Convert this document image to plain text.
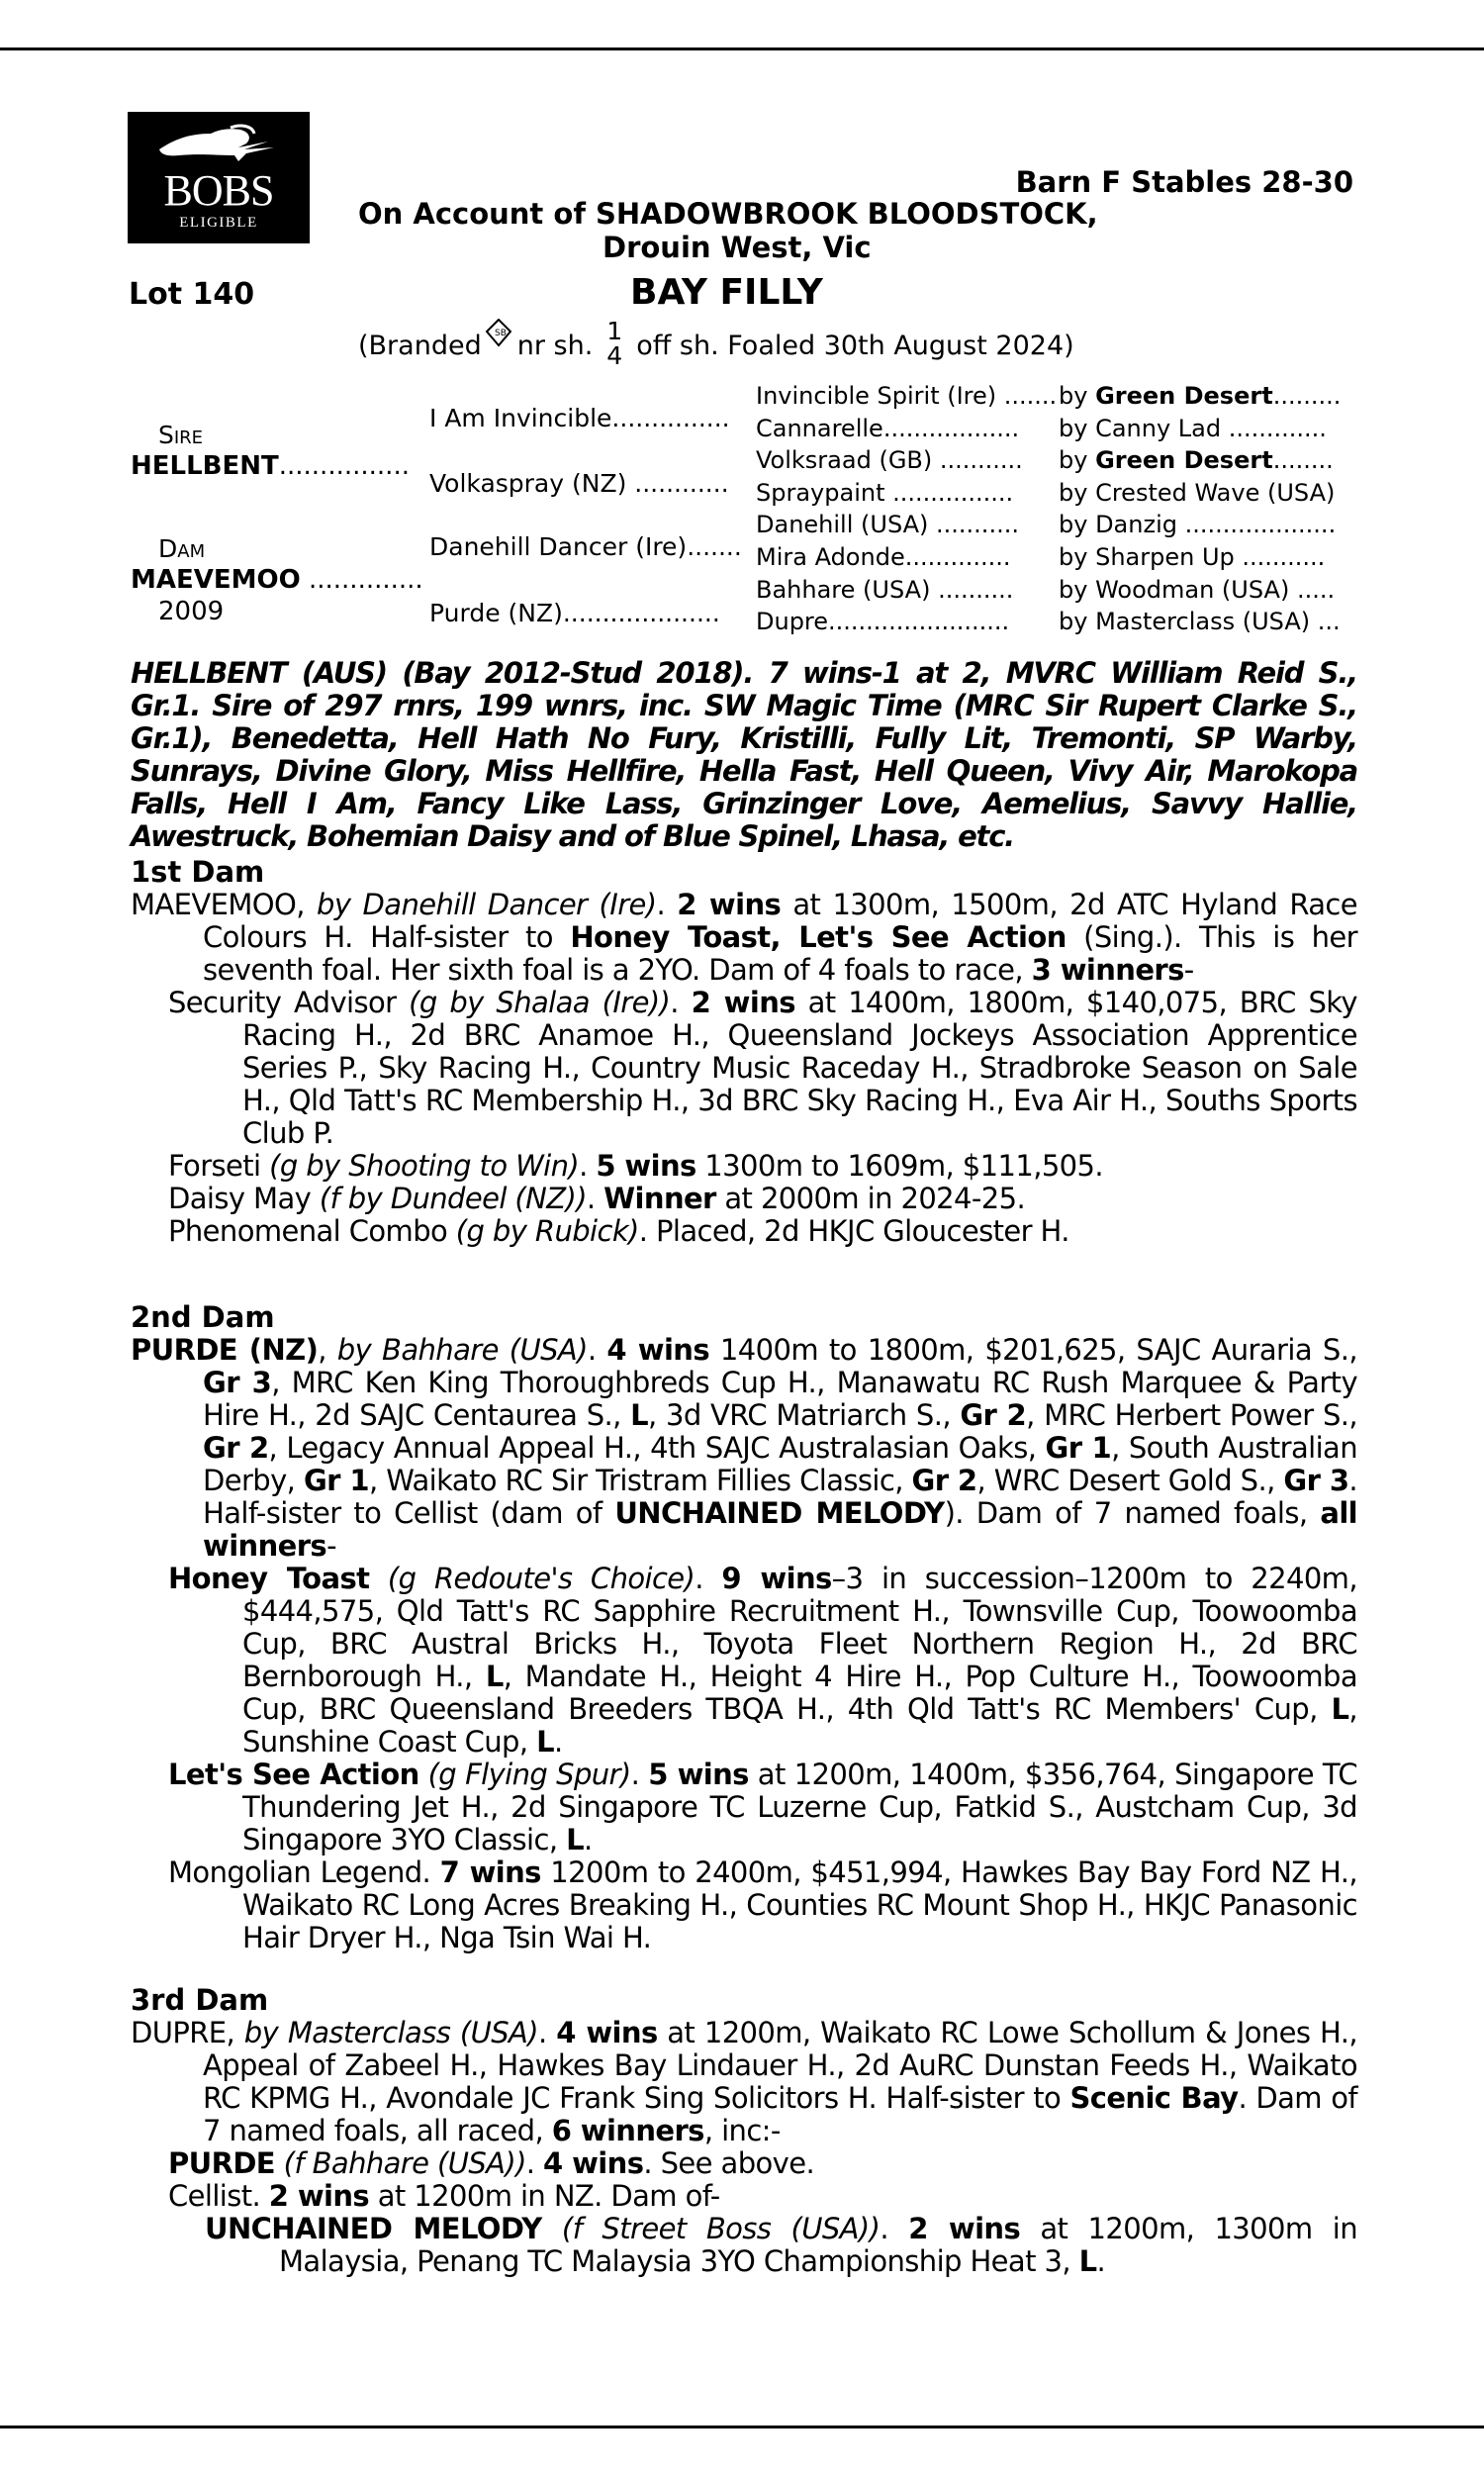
BOBS
ELIGIBLE
Barn F Stables 28-30
On Account of SHADOWBROOK BLOODSTOCK,
Drouin West, Vic
Lot 140	BAY FILLY
(Branded SB nr sh. 1
4 off sh. Foaled 30th August 2024)
Sire
HELLBENT................
Dam
MAEVEMOO ..............
2009
I Am Invincible...............
Volkaspray (NZ) ............
Danehill Dancer (Ire).......
Purde (NZ)....................
Invincible Spirit (Ire) ....... by Green Desert.........
Cannarelle.................. by Canny Lad .............
Volksraad (GB) ........... by Green Desert........
Spraypaint ................ by Crested Wave (USA)
Danehill (USA) ........... by Danzig ....................
Mira Adonde.............. by Sharpen Up ...........
Bahhare (USA) .......... by Woodman (USA) .....
Dupre........................ by Masterclass (USA) ...
HELLBENT (AUS) (Bay 2012-Stud 2018). 7 wins-1 at 2, MVRC William Reid S., Gr.1. Sire of 297 rnrs, 199 wnrs, inc. SW Magic Time (MRC Sir Rupert Clarke S., Gr.1), Benedetta, Hell Hath No Fury, Kristilli, Fully Lit, Tremonti, SP Warby, Sunrays, Divine Glory, Miss Hellfire, Hella Fast, Hell Queen, Vivy Air, Marokopa Falls, Hell I Am, Fancy Like Lass, Grinzinger Love, Aemelius, Savvy Hallie, Awestruck, Bohemian Daisy and of Blue Spinel, Lhasa, etc.
1st Dam
MAEVEMOO, by Danehill Dancer (Ire). 2 wins at 1300m, 1500m, 2d ATC Hyland Race Colours H. Half-sister to Honey Toast, Let's See Action (Sing.). This is her seventh foal. Her sixth foal is a 2YO. Dam of 4 foals to race, 3 winners-
Security Advisor (g by Shalaa (Ire)). 2 wins at 1400m, 1800m, $140,075, BRC Sky Racing H., 2d BRC Anamoe H., Queensland Jockeys Association Apprentice Series P., Sky Racing H., Country Music Raceday H., Stradbroke Season on Sale H., Qld Tatt's RC Membership H., 3d BRC Sky Racing H., Eva Air H., Souths Sports Club P.
Forseti (g by Shooting to Win). 5 wins 1300m to 1609m, $111,505.
Daisy May (f by Dundeel (NZ)). Winner at 2000m in 2024-25.
Phenomenal Combo (g by Rubick). Placed, 2d HKJC Gloucester H.
2nd Dam
PURDE (NZ), by Bahhare (USA). 4 wins 1400m to 1800m, $201,625, SAJC Auraria S., Gr 3, MRC Ken King Thoroughbreds Cup H., Manawatu RC Rush Marquee & Party Hire H., 2d SAJC Centaurea S., L, 3d VRC Matriarch S., Gr 2, MRC Herbert Power S., Gr 2, Legacy Annual Appeal H., 4th SAJC Australasian Oaks, Gr 1, South Australian Derby, Gr 1, Waikato RC Sir Tristram Fillies Classic, Gr 2, WRC Desert Gold S., Gr 3. Half-sister to Cellist (dam of UNCHAINED MELODY). Dam of 7 named foals, all winners-
Honey Toast (g Redoute's Choice). 9 wins–3 in succession–1200m to 2240m, $444,575, Qld Tatt's RC Sapphire Recruitment H., Townsville Cup, Toowoomba Cup, BRC Austral Bricks H., Toyota Fleet Northern Region H., 2d BRC Bernborough H., L, Mandate H., Height 4 Hire H., Pop Culture H., Toowoomba Cup, BRC Queensland Breeders TBQA H., 4th Qld Tatt's RC Members' Cup, L, Sunshine Coast Cup, L.
Let's See Action (g Flying Spur). 5 wins at 1200m, 1400m, $356,764, Singapore TC Thundering Jet H., 2d Singapore TC Luzerne Cup, Fatkid S., Austcham Cup, 3d Singapore 3YO Classic, L.
Mongolian Legend. 7 wins 1200m to 2400m, $451,994, Hawkes Bay Bay Ford NZ H., Waikato RC Long Acres Breaking H., Counties RC Mount Shop H., HKJC Panasonic Hair Dryer H., Nga Tsin Wai H.
3rd Dam
DUPRE, by Masterclass (USA). 4 wins at 1200m, Waikato RC Lowe Schollum & Jones H., Appeal of Zabeel H., Hawkes Bay Lindauer H., 2d AuRC Dunstan Feeds H., Waikato RC KPMG H., Avondale JC Frank Sing Solicitors H. Half-sister to Scenic Bay. Dam of 7 named foals, all raced, 6 winners, inc:-
PURDE (f Bahhare (USA)). 4 wins. See above.
Cellist. 2 wins at 1200m in NZ. Dam of-
UNCHAINED MELODY (f Street Boss (USA)). 2 wins at 1200m, 1300m in Malaysia, Penang TC Malaysia 3YO Championship Heat 3, L.
